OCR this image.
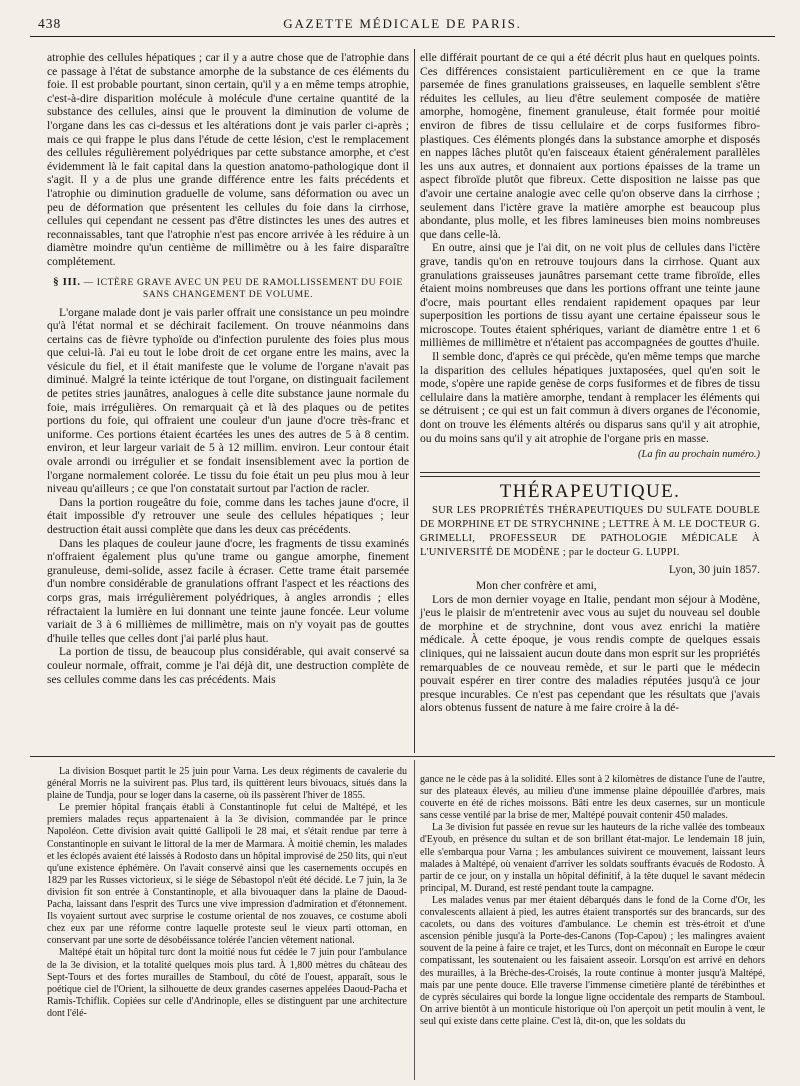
438	GAZETTE MÉDICALE DE PARIS.

atrophie des cellules hépatiques ; car il y a autre chose que de l'atrophie dans ce passage à l'état de substance amorphe de la substance de ces éléments du foie. Il est probable pourtant, sinon certain, qu'il y a en même temps atrophie, c'est-à-dire disparition molécule à molécule d'une certaine quantité de la substance des cellules, ainsi que le prouvent la diminution de volume de l'organe dans les cas ci-dessus et les altérations dont je vais parler ci-après ; mais ce qui frappe le plus dans l'étude de cette lésion, c'est le remplacement des cellules régulièrement polyédriques par cette substance amorphe, et c'est évidemment là le fait capital dans la question anatomo-pathologique dont il s'agit. Il y a de plus une grande différence entre les faits précédents et l'atrophie ou diminution graduelle de volume, sans déformation ou avec un peu de déformation que présentent les cellules du foie dans la cirrhose, cellules qui cependant ne cessent pas d'être distinctes les unes des autres et reconnaissables, tant que l'atrophie n'est pas encore arrivée à les réduire à un diamètre moindre qu'un centième de millimètre ou à les faire disparaître complétement.

§ III. — ICTÈRE GRAVE AVEC UN PEU DE RAMOLLISSEMENT DU FOIE SANS CHANGEMENT DE VOLUME.

L'organe malade dont je vais parler offrait une consistance un peu moindre qu'à l'état normal et se déchirait facilement. On trouve néanmoins dans certains cas de fièvre typhoïde ou d'infection purulente des foies plus mous que celui-là. J'ai eu tout le lobe droit de cet organe entre les mains, avec la vésicule du fiel, et il était manifeste que le volume de l'organe n'avait pas diminué. Malgré la teinte ictérique de tout l'organe, on distinguait facilement de petites stries jaunâtres, analogues à celle dite substance jaune normale du foie, mais irrégulières. On remarquait çà et là des plaques ou de petites portions du foie, qui offraient une couleur d'un jaune d'ocre très-franc et uniforme. Ces portions étaient écartées les unes des autres de 5 à 8 centim. environ, et leur largeur variait de 5 à 12 millim. environ. Leur contour était ovale arrondi ou irrégulier et se fondait insensiblement avec la portion de l'organe normalement colorée. Le tissu du foie était un peu plus mou à leur niveau qu'ailleurs ; ce que l'on constatait surtout par l'action de racler.

Dans la portion rougeâtre du foie, comme dans les taches jaune d'ocre, il était impossible d'y retrouver une seule des cellules hépatiques ; leur destruction était aussi complète que dans les deux cas précédents.

Dans les plaques de couleur jaune d'ocre, les fragments de tissu examinés n'offraient également plus qu'une trame ou gangue amorphe, finement granuleuse, demi-solide, assez facile à écraser. Cette trame était parsemée d'un nombre considérable de granulations offrant l'aspect et les réactions des corps gras, mais irrégulièrement polyédriques, à angles arrondis ; elles réfractaient la lumière en lui donnant une teinte jaune foncée. Leur volume variait de 3 à 6 millièmes de millimètre, mais on n'y voyait pas de gouttes d'huile telles que celles dont j'ai parlé plus haut.

La portion de tissu, de beaucoup plus considérable, qui avait conservé sa couleur normale, offrait, comme je l'ai déjà dit, une destruction complète de ses cellules comme dans les cas précédents. Mais

elle différait pourtant de ce qui a été décrit plus haut en quelques points. Ces différences consistaient particulièrement en ce que la trame parsemée de fines granulations graisseuses, en laquelle semblent s'être réduites les cellules, au lieu d'être seulement composée de matière amorphe, homogène, finement granuleuse, était formée pour moitié environ de fibres de tissu cellulaire et de corps fusiformes fibro-plastiques. Ces éléments plongés dans la substance amorphe et disposés en nappes lâches plutôt qu'en faisceaux étaient généralement parallèles les uns aux autres, et donnaient aux portions épaisses de la trame un aspect fibroïde plutôt que fibreux. Cette disposition ne laisse pas que d'avoir une certaine analogie avec celle qu'on observe dans la cirrhose ; seulement dans l'ictère grave la matière amorphe est beaucoup plus abondante, plus molle, et les fibres lamineuses bien moins nombreuses que dans celle-là.

En outre, ainsi que je l'ai dit, on ne voit plus de cellules dans l'ictère grave, tandis qu'on en retrouve toujours dans la cirrhose. Quant aux granulations graisseuses jaunâtres parsemant cette trame fibroïde, elles étaient moins nombreuses que dans les portions offrant une teinte jaune d'ocre, mais pourtant elles rendaient rapidement opaques par leur superposition les portions de tissu ayant une certaine épaisseur sous le microscope. Toutes étaient sphériques, variant de diamètre entre 1 et 6 millièmes de millimètre et n'étaient pas accompagnées de gouttes d'huile.

Il semble donc, d'après ce qui précède, qu'en même temps que marche la disparition des cellules hépatiques juxtaposées, quel qu'en soit le mode, s'opère une rapide genèse de corps fusiformes et de fibres de tissu cellulaire dans la matière amorphe, tendant à remplacer les éléments qui se détruisent ; ce qui est un fait commun à divers organes de l'économie, dont on trouve les éléments altérés ou disparus sans qu'il y ait atrophie, ou du moins sans qu'il y ait atrophie de l'organe pris en masse.

(La fin au prochain numéro.)
THÉRAPEUTIQUE.
SUR LES PROPRIÉTÉS THÉRAPEUTIQUES DU SULFATE DOUBLE DE MORPHINE ET DE STRYCHNINE ; LETTRE À M. LE DOCTEUR G. GRIMELLI, PROFESSEUR DE PATHOLOGIE MÉDICALE À L'UNIVERSITÉ DE MODÈNE ; par le docteur G. LUPPI.
Lyon, 30 juin 1857.
Mon cher confrère et ami,

Lors de mon dernier voyage en Italie, pendant mon séjour à Modène, j'eus le plaisir de m'entretenir avec vous au sujet du nouveau sel double de morphine et de strychnine, dont vous avez enrichi la matière médicale. À cette époque, je vous rendis compte de quelques essais cliniques, qui ne laissaient aucun doute dans mon esprit sur les propriétés remarquables de ce nouveau remède, et sur le parti que le médecin pouvait espérer en tirer contre des maladies réputées jusqu'à ce jour presque incurables. Ce n'est pas cependant que les résultats que j'avais alors obtenus fussent de nature à me faire croire à la dé-

La division Bosquet partit le 25 juin pour Varna. Les deux régiments de cavalerie du général Morris ne la suivirent pas. Plus tard, ils quittèrent leurs bivouacs, situés dans la plaine de Tundja, pour se loger dans la caserne, où ils passèrent l'hiver de 1855.

Le premier hôpital français établi à Constantinople fut celui de Maltépé, et les premiers malades reçus appartenaient à la 3e division, commandée par le prince Napoléon. Cette division avait quitté Gallipoli le 28 mai, et s'était rendue par terre à Constantinople en suivant le littoral de la mer de Marmara. À moitié chemin, les malades et les éclopés avaient été laissés à Rodosto dans un hôpital improvisé de 250 lits, qui n'eut qu'une existence éphémère. On l'avait conservé ainsi que les casernements occupés en 1829 par les Russes victorieux, si le siége de Sébastopol n'eût été décidé. Le 7 juin, la 3e division fit son entrée à Constantinople, et alla bivouaquer dans la plaine de Daoud-Pacha, laissant dans l'esprit des Turcs une vive impression d'admiration et d'étonnement. Ils voyaient surtout avec surprise le costume oriental de nos zouaves, ce costume aboli chez eux par une réforme contre laquelle proteste seul le vieux parti ottoman, en conservant par une sorte de désobéissance tolérée l'ancien vêtement national.

Maltépé était un hôpital turc dont la moitié nous fut cédée le 7 juin pour l'ambulance de la 3e division, et la totalité quelques mois plus tard. À 1,800 mètres du château des Sept-Tours et des fortes murailles de Stamboul, du côté de l'ouest, apparaît, sous le poétique ciel de l'Orient, la silhouette de deux grandes casernes appelées Daoud-Pacha et Ramis-Tchiflik. Copiées sur celle d'Andrinople, elles se distinguent par une architecture dont l'élé-

gance ne le cède pas à la solidité. Elles sont à 2 kilomètres de distance l'une de l'autre, sur des plateaux élevés, au milieu d'une immense plaine dépouillée d'arbres, mais couverte en été de riches moissons. Bâti entre les deux casernes, sur un monticule sans cesse ventilé par la brise de mer, Maltépé pouvait contenir 450 malades.

La 3e division fut passée en revue sur les hauteurs de la riche vallée des tombeaux d'Eyoub, en présence du sultan et de son brillant état-major. Le lendemain 18 juin, elle s'embarqua pour Varna ; les ambulances suivirent ce mouvement, laissant leurs malades à Maltépé, où venaient d'arriver les soldats souffrants évacués de Rodosto. À partir de ce jour, on y installa un hôpital définitif, à la tête duquel le savant médecin principal, M. Durand, est resté pendant toute la campagne.

Les malades venus par mer étaient débarqués dans le fond de la Corne d'Or, les convalescents allaient à pied, les autres étaient transportés sur des brancards, sur des cacolets, ou dans des voitures d'ambulance. Le chemin est très-étroit et d'une ascension pénible jusqu'à la Porte-des-Canons (Top-Capou) ; les malingres avaient souvent de la peine à faire ce trajet, et les Turcs, dont on méconnaît en Europe le cœur compatissant, les soutenaient ou les faisaient asseoir. Lorsqu'on est arrivé en dehors des murailles, à la Brèche-des-Croisés, la route continue à monter jusqu'à Maltépé, mais par une pente douce. Elle traverse l'immense cimetière planté de térébinthes et de cyprès séculaires qui borde la longue ligne occidentale des remparts de Stamboul. On arrive bientôt à un monticule historique où l'on aperçoit un petit moulin à vent, le seul qui existe dans cette plaine. C'est là, dit-on, que les soldats du
